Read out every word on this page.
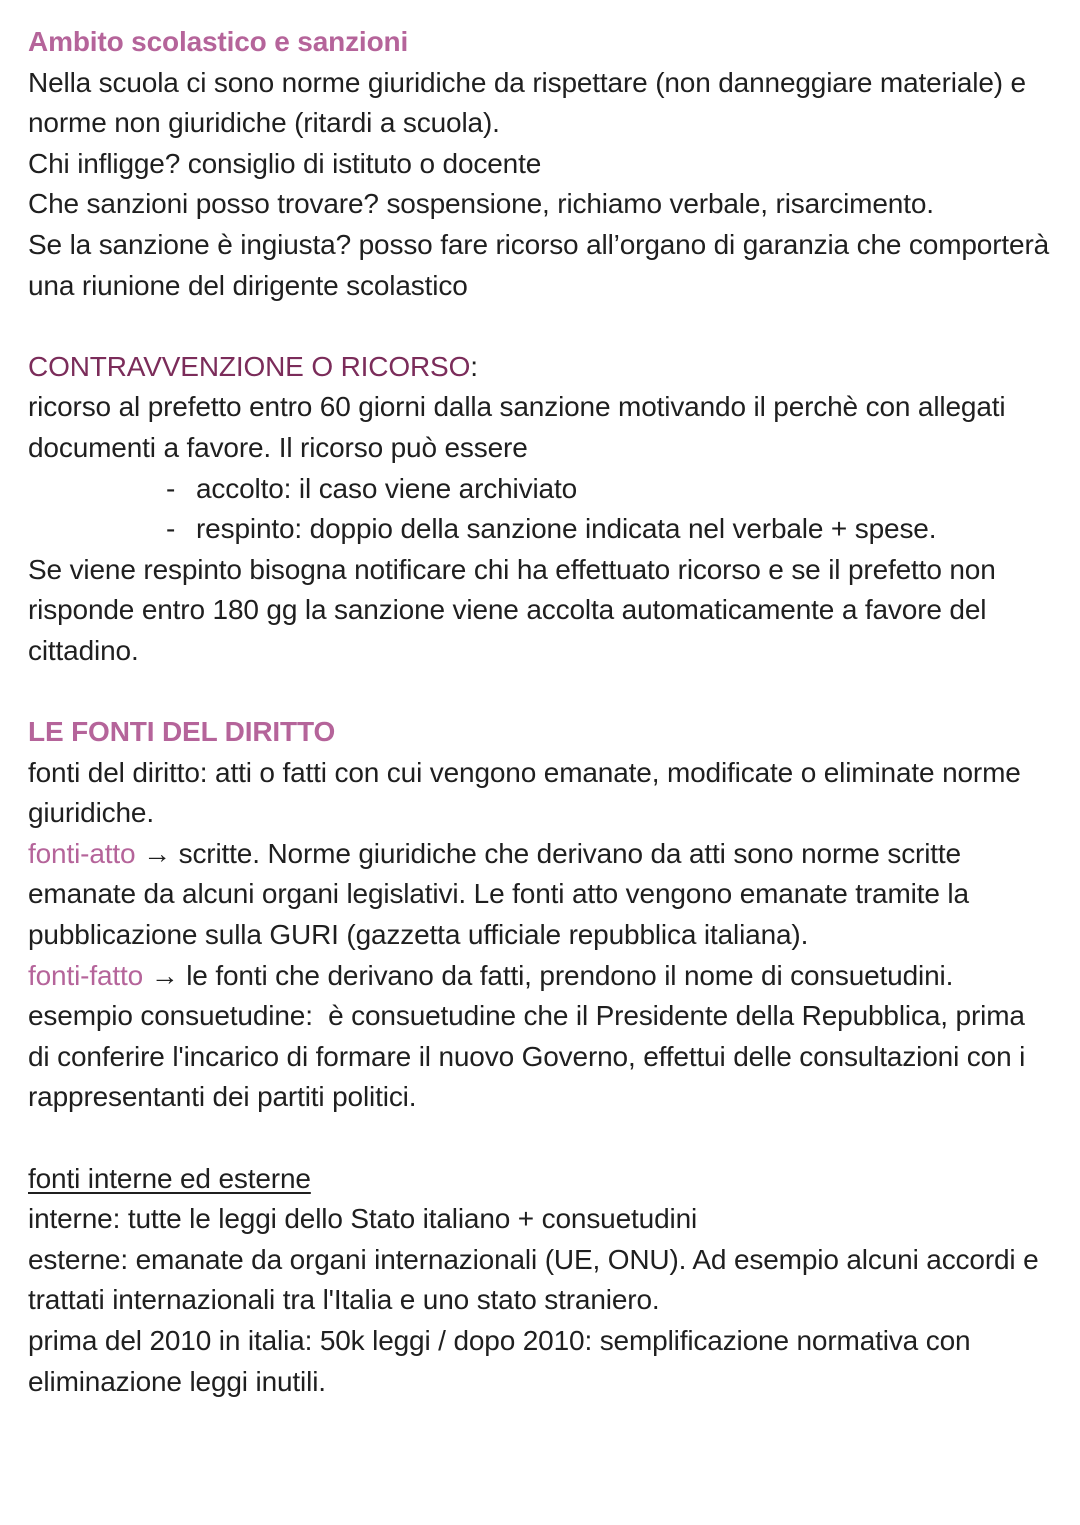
Ambito scolastico e sanzioni

Nella scuola ci sono norme giuridiche da rispettare (non danneggiare materiale) e norme non giuridiche (ritardi a scuola).

Chi infligge? consiglio di istituto o docente

Che sanzioni posso trovare? sospensione, richiamo verbale, risarcimento.

Se la sanzione è ingiusta? posso fare ricorso all’organo di garanzia che comporterà una riunione del dirigente scolastico

CONTRAVVENZIONE O RICORSO:

ricorso al prefetto entro 60 giorni dalla sanzione motivando il perchè con allegati documenti a favore. Il ricorso può essere

- accolto: il caso viene archiviato
- respinto: doppio della sanzione indicata nel verbale + spese.

Se viene respinto bisogna notificare chi ha effettuato ricorso e se il prefetto non risponde entro 180 gg la sanzione viene accolta automaticamente a favore del cittadino.

LE FONTI DEL DIRITTO

fonti del diritto: atti o fatti con cui vengono emanate, modificate o eliminate norme giuridiche.

fonti-atto → scritte. Norme giuridiche che derivano da atti sono norme scritte emanate da alcuni organi legislativi. Le fonti atto vengono emanate tramite la pubblicazione sulla GURI (gazzetta ufficiale repubblica italiana).

fonti-fatto → le fonti che derivano da fatti, prendono il nome di consuetudini.

esempio consuetudine: è consuetudine che il Presidente della Repubblica, prima di conferire l'incarico di formare il nuovo Governo, effettui delle consultazioni con i rappresentanti dei partiti politici.

fonti interne ed esterne

interne: tutte le leggi dello Stato italiano + consuetudini

esterne: emanate da organi internazionali (UE, ONU). Ad esempio alcuni accordi e trattati internazionali tra l'Italia e uno stato straniero.

prima del 2010 in italia: 50k leggi / dopo 2010: semplificazione normativa con eliminazione leggi inutili.
